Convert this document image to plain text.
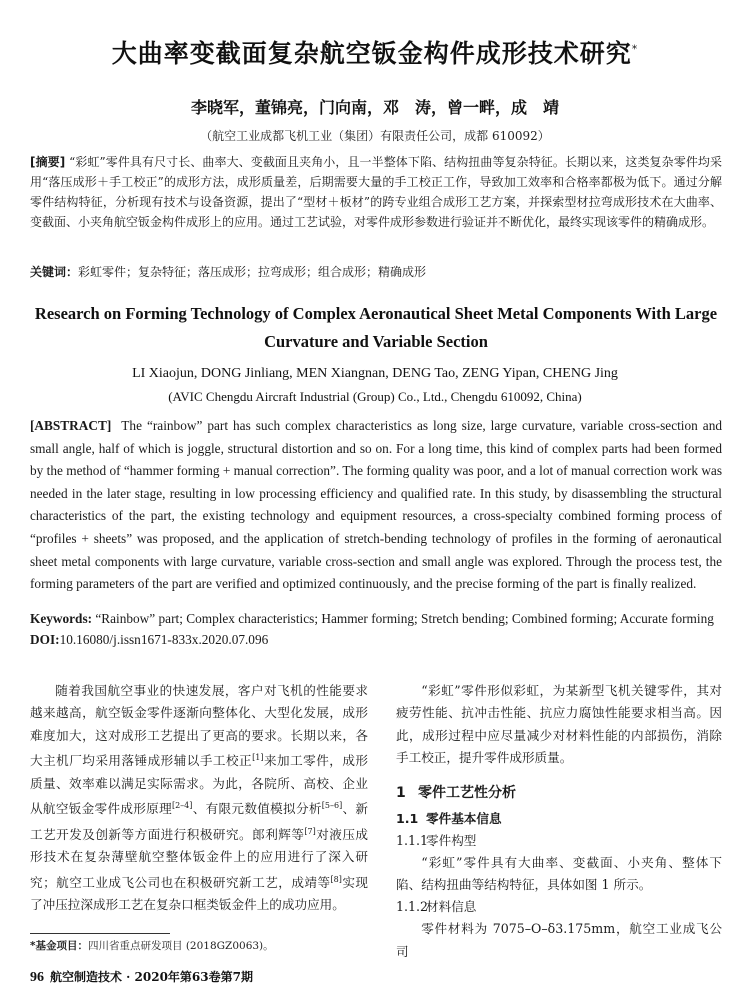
大曲率变截面复杂航空钣金构件成形技术研究*
李晓军，董锦亮，门向南，邓　涛，曾一畔，成　靖
（航空工业成都飞机工业（集团）有限责任公司，成都 610092）
[摘要] “彩虹”零件具有尺寸长、曲率大、变截面且夹角小，且一半整体下陷、结构扭曲等复杂特征。长期以来，这类复杂零件均采用“落压成形＋手工校正”的成形方法，成形质量差，后期需要大量的手工校正工作，导致加工效率和合格率都极为低下。通过分解零件结构特征，分析现有技术与设备资源，提出了“型材＋板材”的跨专业组合成形工艺方案，并探索型材拉弯成形技术在大曲率、变截面、小夹角航空钣金构件成形上的应用。通过工艺试验，对零件成形参数进行验证并不断优化，最终实现该零件的精确成形。
关键词：彩虹零件；复杂特征；落压成形；拉弯成形；组合成形；精确成形
Research on Forming Technology of Complex Aeronautical Sheet Metal Components With Large Curvature and Variable Section
LI Xiaojun, DONG Jinliang, MEN Xiangnan, DENG Tao, ZENG Yipan, CHENG Jing
(AVIC Chengdu Aircraft Industrial (Group) Co., Ltd., Chengdu 610092, China)
[ABSTRACT] The “rainbow” part has such complex characteristics as long size, large curvature, variable cross-section and small angle, half of which is joggle, structural distortion and so on. For a long time, this kind of complex parts had been formed by the method of “hammer forming + manual correction”. The forming quality was poor, and a lot of manual correction work was needed in the later stage, resulting in low processing efficiency and qualified rate. In this study, by disassembling the structural characteristics of the part, the existing technology and equipment resources, a cross-specialty combined forming process of “profiles + sheets” was proposed, and the application of stretch-bending technology of profiles in the forming of aeronautical sheet metal components with large curvature, variable cross-section and small angle was explored. Through the process test, the forming parameters of the part are verified and optimized continuously, and the precise forming of the part is finally realized.
Keywords: “Rainbow” part; Complex characteristics; Hammer forming; Stretch bending; Combined forming; Accurate forming
DOI:10.16080/j.issn1671-833x.2020.07.096

随着我国航空事业的快速发展，客户对飞机的性能要求越来越高，航空钣金零件逐渐向整体化、大型化发展，成形难度加大，这对成形工艺提出了更高的要求。长期以来，各大主机厂均采用落锤成形辅以手工校正[1]来加工零件，成形质量、效率难以满足实际需求。为此，各院所、高校、企业从航空钣金零件成形原理[2–4]、有限元数值模拟分析[5–6]、新工艺开发及创新等方面进行积极研究。郎利辉等[7]对液压成形技术在复杂薄壁航空整体钣金件上的应用进行了深入研究；航空工业成飞公司也在积极研究新工艺，成靖等[8]实现了冲压拉深成形工艺在复杂口框类钣金件上的成功应用。

“彩虹”零件形似彩虹，为某新型飞机关键零件，其对疲劳性能、抗冲击性能、抗应力腐蚀性能要求相当高。因此，成形过程中应尽量减少对材料性能的内部损伤，消除手工校正，提升零件成形质量。

1 零件工艺性分析
1.1 零件基本信息
1.1.1零件构型

“彩虹”零件具有大曲率、变截面、小夹角、整体下陷、结构扭曲等结构特征，具体如图 1 所示。

1.1.2材料信息

零件材料为 7075–O–δ3.175mm，航空工业成飞公司

*基金项目：四川省重点研发项目 (2018GZ0063)。
96 航空制造技术 · 2020年第63卷第7期
